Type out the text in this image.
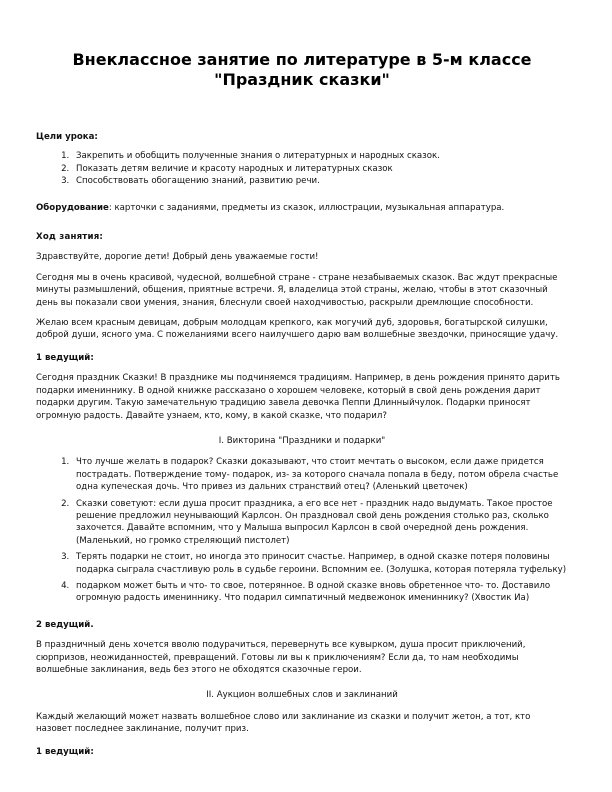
Внеклассное занятие по литературе в 5-м классе
"Праздник сказки"
Цели урока:
1. Закрепить и обобщить полученные знания о литературных и народных сказок.
2. Показать детям величие и красоту народных и литературных сказок
3. Способствовать обогащению знаний, развитию речи.

Оборудование: карточки с заданиями, предметы из сказок, иллюстрации, музыкальная аппаратура.

Ход занятия:

Здравствуйте, дорогие дети! Добрый день уважаемые гости!

Сегодня мы в очень красивой, чудесной, волшебной стране - стране незабываемых сказок. Вас ждут прекрасные минуты размышлений, общения, приятные встречи. Я, владелица этой страны, желаю, чтобы в этот сказочный день вы показали свои умения, знания, блеснули своей находчивостью, раскрыли дремлющие способности.

Желаю всем красным девицам, добрым молодцам крепкого, как могучий дуб, здоровья, богатырской силушки, доброй души, ясного ума. С пожеланиями всего наилучшего дарю вам волшебные звездочки, приносящие удачу.

1 ведущий:

Сегодня праздник Сказки! В празднике мы подчиняемся традициям. Например, в день рождения принято дарить подарки имениннику. В одной книжке рассказано о хорошем человеке, который в свой день рождения дарит подарки другим. Такую замечательную традицию завела девочка Пеппи Длинныйчулок. Подарки приносят огромную радость. Давайте узнаем, кто, кому, в какой сказке, что подарил?

I. Викторина "Праздники и подарки"
1. Что лучше желать в подарок? Сказки доказывают, что стоит мечтать о высоком, если даже придется пострадать. Потверждение тому- подарок, из- за которого сначала попала в беду, потом обрела счастье одна купеческая дочь. Что привез из дальних странствий отец? (Аленький цветочек)
2. Сказки советуют: если душа просит праздника, а его все нет - праздник надо выдумать. Такое простое решение предложил неунывающий Карлсон. Он праздновал свой день рождения столько раз, сколько захочется. Давайте вспомним, что у Малыша выпросил Карлсон в свой очередной день рождения. (Маленький, но громко стреляющий пистолет)
3. Терять подарки не стоит, но иногда это приносит счастье. Например, в одной сказке потеря половины подарка сыграла счастливую роль в судьбе героини. Вспомним ее. (Золушка, которая потеряла туфельку)
4. подарком может быть и что- то свое, потерянное. В одной сказке вновь обретенное что- то. Доставило огромную радость имениннику. Что подарил симпатичный медвежонок имениннику? (Хвостик Иа)
2 ведущий.

В праздничный день хочется вволю подурачиться, перевернуть все кувырком, душа просит приключений, сюрпризов, неожиданностей, превращений. Готовы ли вы к приключениям? Если да, то нам необходимы волшебные заклинания, ведь без этого не обходятся сказочные герои.

II. Аукцион волшебных слов и заклинаний

Каждый желающий может назвать волшебное слово или заклинание из сказки и получит жетон, а тот, кто назовет последнее заклинание, получит приз.

1 ведущий:
